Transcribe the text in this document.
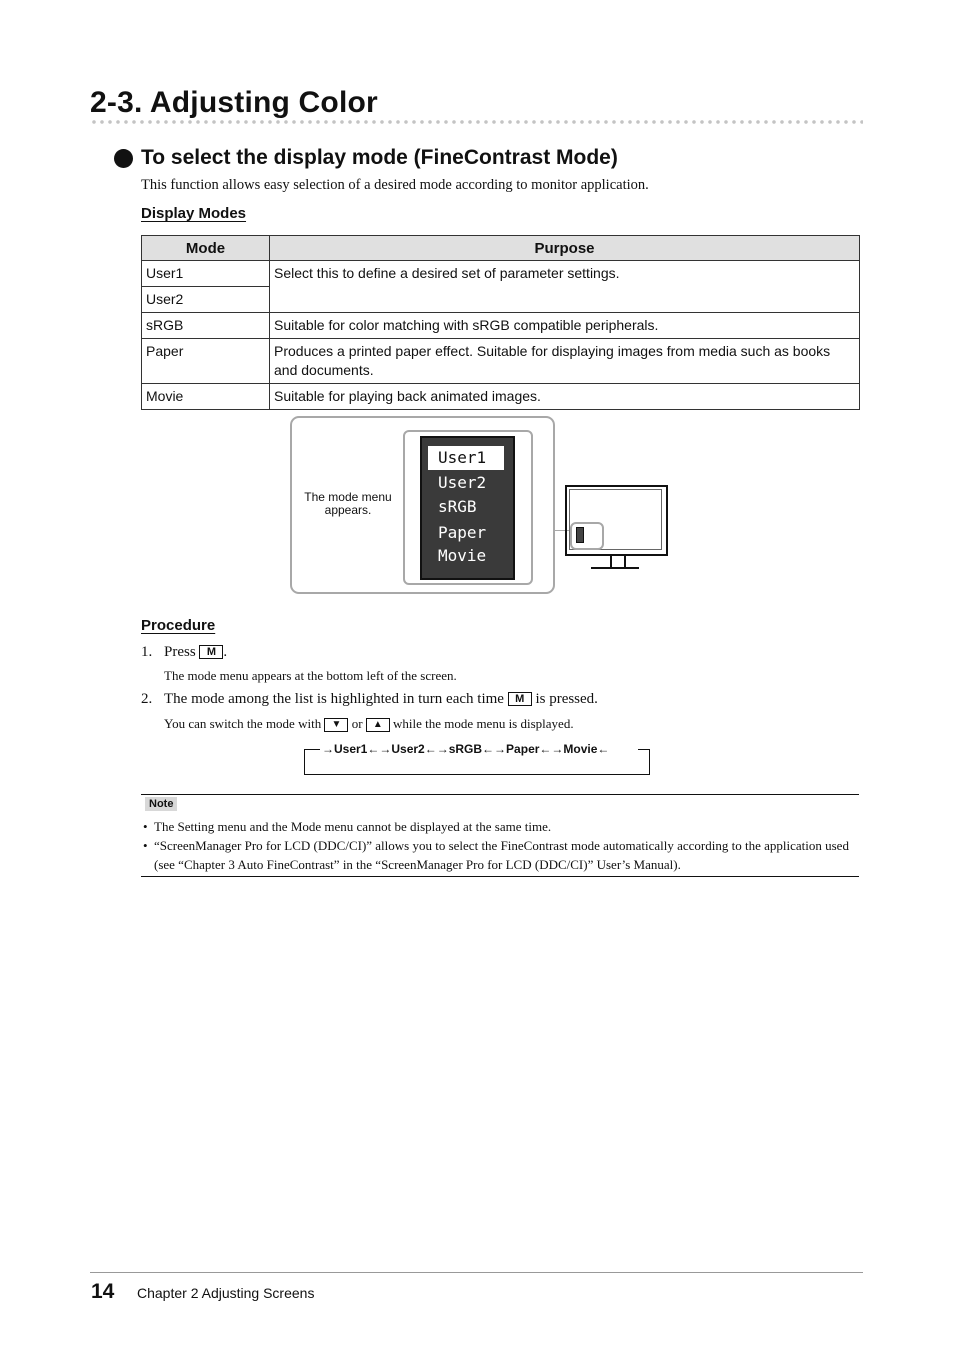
2-3. Adjusting Color
To select the display mode (FineContrast Mode)
This function allows easy selection of a desired mode according to monitor application.
Display Modes
Mode	Purpose
User1	Select this to define a desired set of parameter settings.
User2	
sRGB	Suitable for color matching with sRGB compatible peripherals.
Paper	Produces a printed paper effect. Suitable for displaying images from media such as books and documents.
Movie	Suitable for playing back animated images.
The mode menu appears.
User1
User2
sRGB
Paper
Movie
Procedure
1. Press M .
The mode menu appears at the bottom left of the screen.
2. The mode among the list is highlighted in turn each time M is pressed.
You can switch the mode with ▼ or ▲ while the mode menu is displayed.
→User1←→User2←→sRGB←→Paper←→Movie←
Note
• The Setting menu and the Mode menu cannot be displayed at the same time.
• “ScreenManager Pro for LCD (DDC/CI)” allows you to select the FineContrast mode automatically according to the application used (see “Chapter 3 Auto FineContrast” in the “ScreenManager Pro for LCD (DDC/CI)” User’s Manual).
14 Chapter 2 Adjusting Screens
